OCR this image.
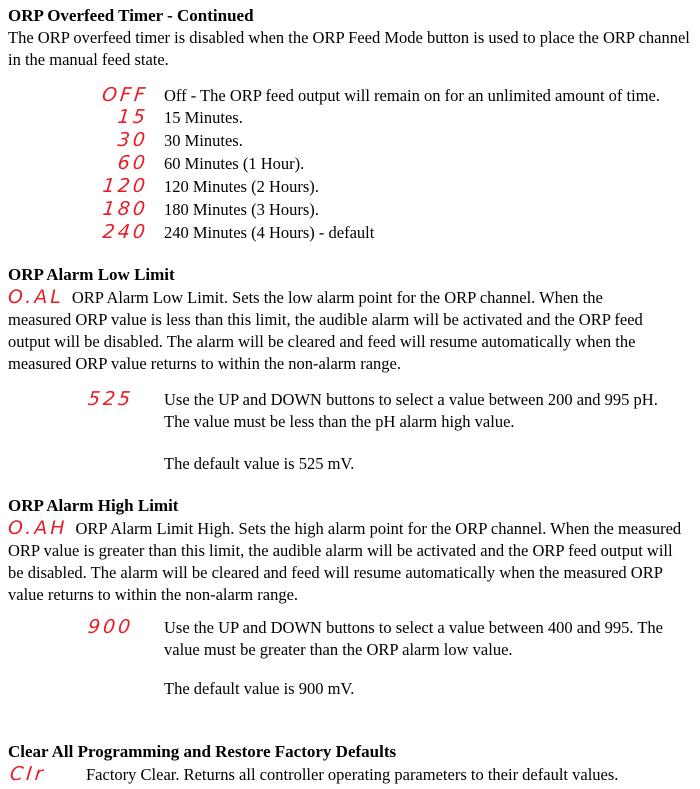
ORP Overfeed Timer - Continued
The ORP overfeed timer is disabled when the ORP Feed Mode button is used to place the ORP channel in the manual feed state.
OFF Off - The ORP feed output will remain on for an unlimited amount of time.
15 15 Minutes.
30 30 Minutes.
60 60 Minutes (1 Hour).
120 120 Minutes (2 Hours).
180 180 Minutes (3 Hours).
240 240 Minutes (4 Hours) - default
ORP Alarm Low Limit
O.AL ORP Alarm Low Limit. Sets the low alarm point for the ORP channel. When the measured ORP value is less than this limit, the audible alarm will be activated and the ORP feed output will be disabled. The alarm will be cleared and feed will resume automatically when the measured ORP value returns to within the non-alarm range.
525 Use the UP and DOWN buttons to select a value between 200 and 995 pH. The value must be less than the pH alarm high value.
The default value is 525 mV.
ORP Alarm High Limit
O.AH ORP Alarm Limit High. Sets the high alarm point for the ORP channel. When the measured ORP value is greater than this limit, the audible alarm will be activated and the ORP feed output will be disabled. The alarm will be cleared and feed will resume automatically when the measured ORP value returns to within the non-alarm range.
900 Use the UP and DOWN buttons to select a value between 400 and 995. The value must be greater than the ORP alarm low value.
The default value is 900 mV.
Clear All Programming and Restore Factory Defaults
CIr Factory Clear. Returns all controller operating parameters to their default values.
